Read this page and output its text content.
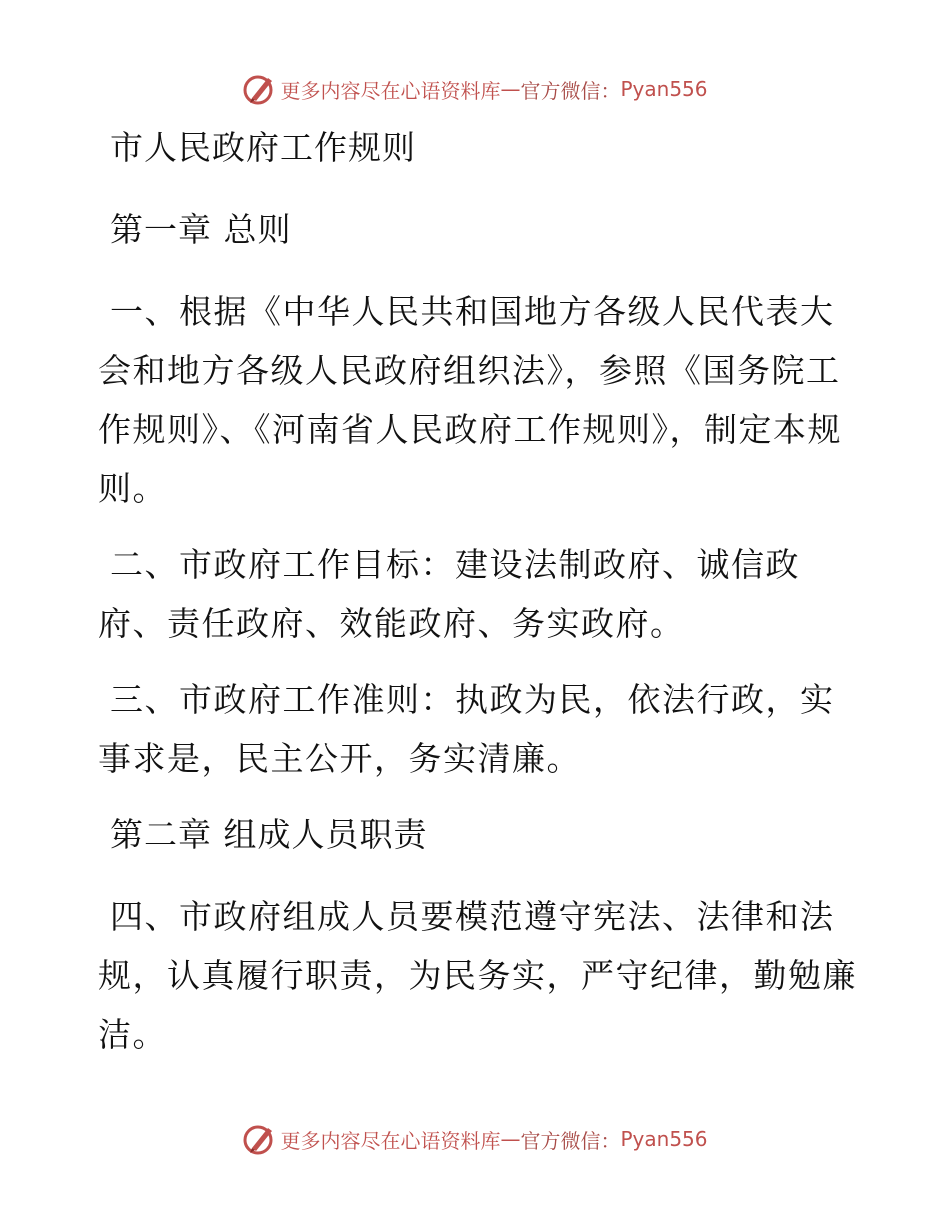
更多内容尽在心语资料库 — 官方微信： Pyan556
市人民政府工作规则
第一章 总则
一、根据《中华人民共和国地方各级人民代表大会和地方各级人民政府组织法》，参照《国务院工作规则》、《河南省人民政府工作规则》，制定本规则。
二、市政府工作目标：建设法制政府、诚信政府、责任政府、效能政府、务实政府。
三、市政府工作准则：执政为民，依法行政，实事求是，民主公开，务实清廉。
第二章 组成人员职责
四、市政府组成人员要模范遵守宪法、法律和法规，认真履行职责，为民务实，严守纪律，勤勉廉洁。
更多内容尽在心语资料库 — 官方微信： Pyan556
